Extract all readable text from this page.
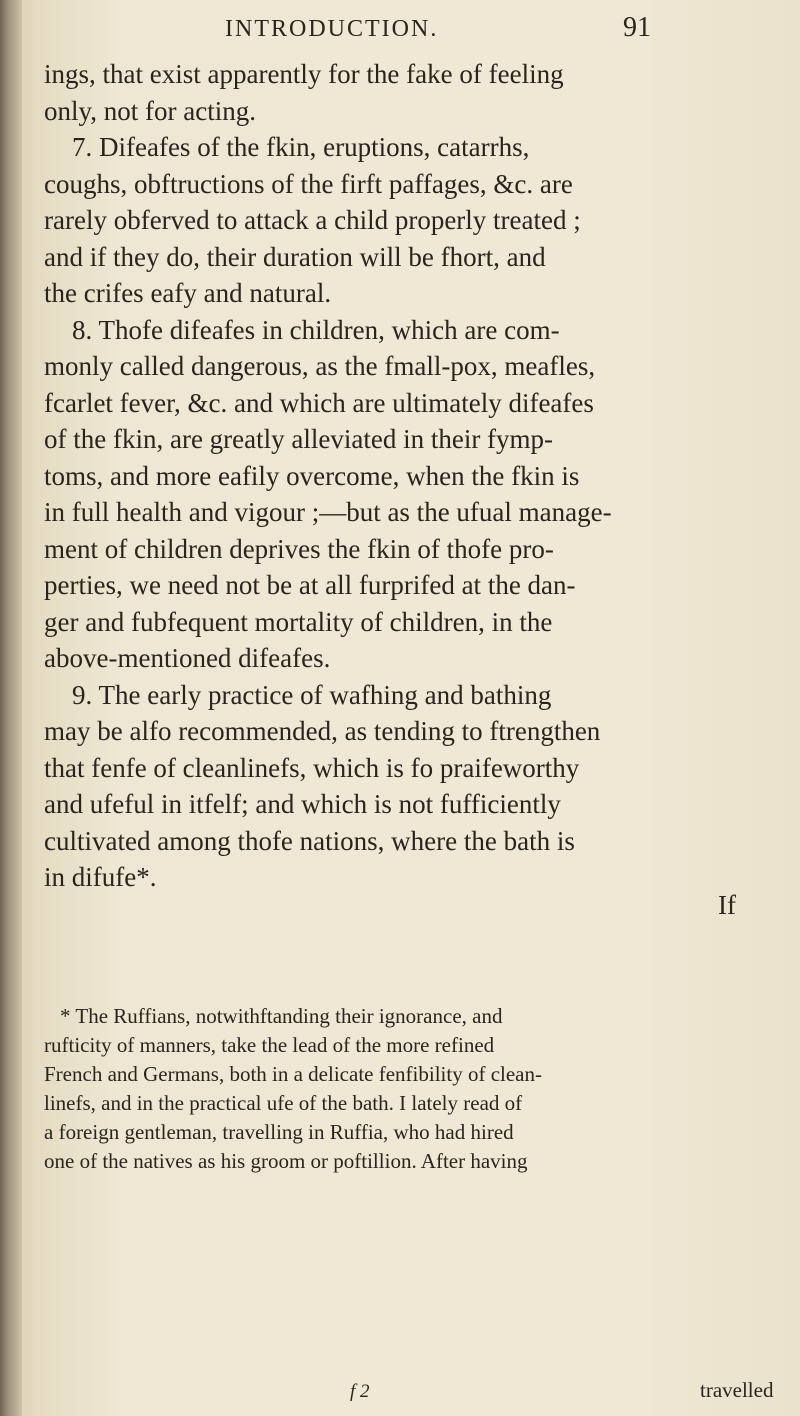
INTRODUCTION.	91
ings, that exist apparently for the fake of feeling
only, not for acting.
7. Difeafes of the fkin, eruptions, catarrhs,
coughs, obftructions of the firft paffages, &c. are
rarely obferved to attack a child properly treated ;
and if they do, their duration will be fhort, and
the crifes eafy and natural.
8. Thofe difeafes in children, which are com-
monly called dangerous, as the fmall-pox, meafles,
fcarlet fever, &c. and which are ultimately difeafes
of the fkin, are greatly alleviated in their fymp-
toms, and more eafily overcome, when the fkin is
in full health and vigour ;—but as the ufual manage-
ment of children deprives the fkin of thofe pro-
perties, we need not be at all furprifed at the dan-
ger and fubfequent mortality of children, in the
above-mentioned difeafes.
9. The early practice of wafhing and bathing
may be alfo recommended, as tending to ftrengthen
that fenfe of cleanlinefs, which is fo praifeworthy
and ufeful in itfelf; and which is not fufficiently
cultivated among thofe nations, where the bath is
in difufe*.
If
* The Ruffians, notwithftanding their ignorance, and
rufticity of manners, take the lead of the more refined
French and Germans, both in a delicate fenfibility of clean-
linefs, and in the practical ufe of the bath. I lately read of
a foreign gentleman, travelling in Ruffia, who had hired
one of the natives as his groom or poftillion. After having
f 2	travelled
